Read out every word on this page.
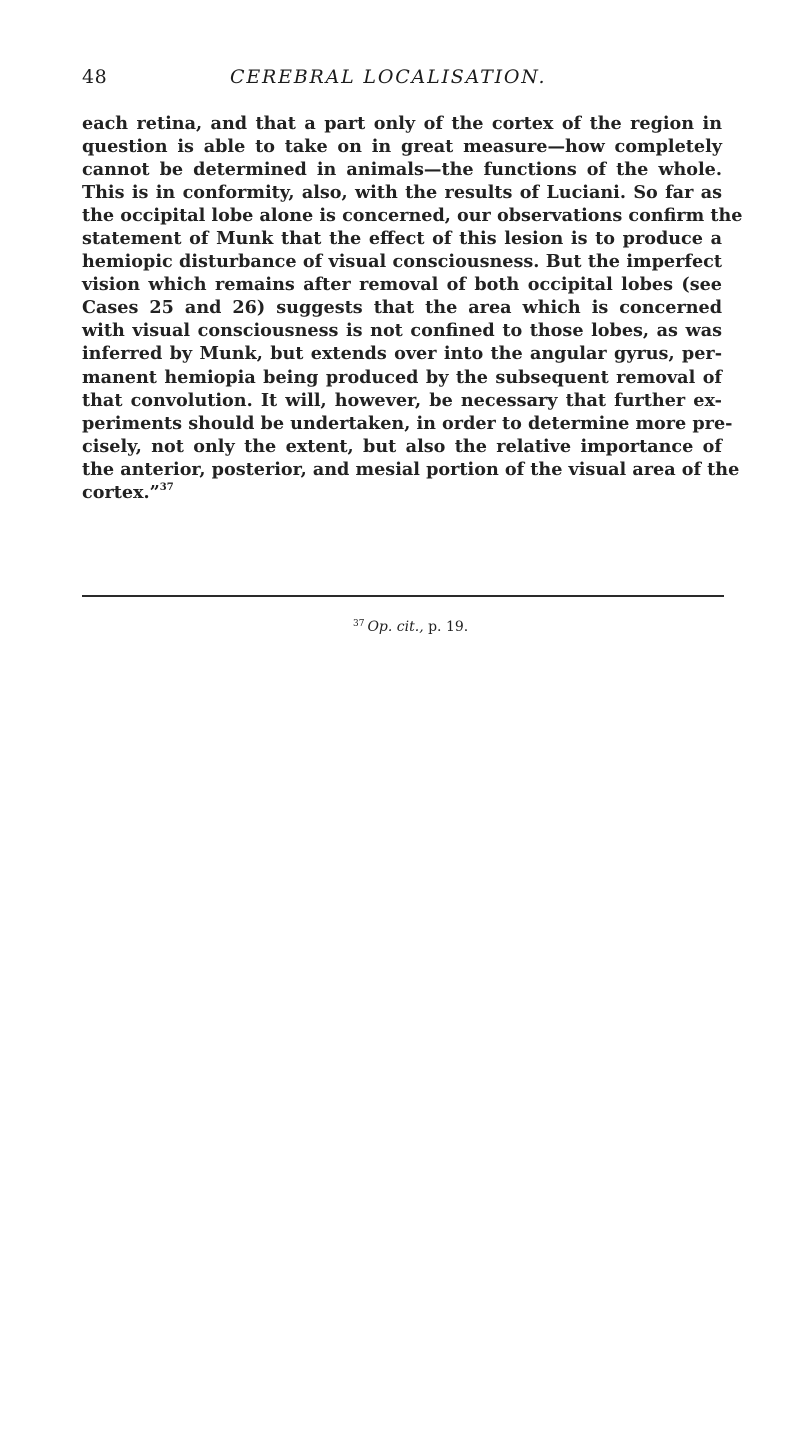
48	CEREBRAL LOCALISATION.
each retina, and that a part only of the cortex of the region in
question is able to take on in great measure—how completely
cannot be determined in animals—the functions of the whole.
This is in conformity, also, with the results of Luciani. So far as
the occipital lobe alone is concerned, our observations confirm the
statement of Munk that the effect of this lesion is to produce a
hemiopic disturbance of visual consciousness. But the imperfect
vision which remains after removal of both occipital lobes (see
Cases 25 and 26) suggests that the area which is concerned
with visual consciousness is not confined to those lobes, as was
inferred by Munk, but extends over into the angular gyrus, per-
manent hemiopia being produced by the subsequent removal of
that convolution. It will, however, be necessary that further ex-
periments should be undertaken, in order to determine more pre-
cisely, not only the extent, but also the relative importance of
the anterior, posterior, and mesial portion of the visual area of the
cortex.”$^{37}$
$^{37}$ Op. cit., p. 19.
